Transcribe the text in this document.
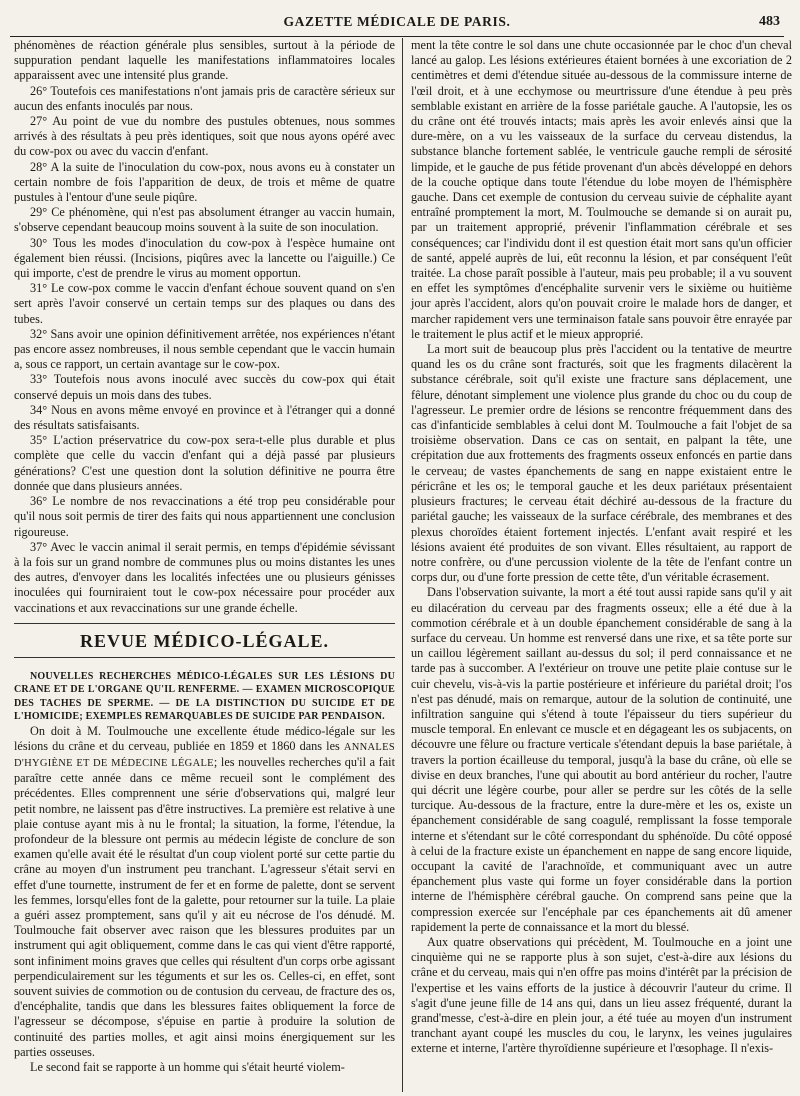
GAZETTE MÉDICALE DE PARIS.	483

phénomènes de réaction générale plus sensibles, surtout à la période de suppuration pendant laquelle les manifestations inflammatoires locales apparaissent avec une intensité plus grande.

26° Toutefois ces manifestations n'ont jamais pris de caractère sérieux sur aucun des enfants inoculés par nous.

27° Au point de vue du nombre des pustules obtenues, nous sommes arrivés à des résultats à peu près identiques, soit que nous ayons opéré avec du cow-pox ou avec du vaccin d'enfant.

28° A la suite de l'inoculation du cow-pox, nous avons eu à constater un certain nombre de fois l'apparition de deux, de trois et même de quatre pustules à l'entour d'une seule piqûre.

29° Ce phénomène, qui n'est pas absolument étranger au vaccin humain, s'observe cependant beaucoup moins souvent à la suite de son inoculation.

30° Tous les modes d'inoculation du cow-pox à l'espèce humaine ont également bien réussi. (Incisions, piqûres avec la lancette ou l'aiguille.) Ce qui importe, c'est de prendre le virus au moment opportun.

31° Le cow-pox comme le vaccin d'enfant échoue souvent quand on s'en sert après l'avoir conservé un certain temps sur des plaques ou dans des tubes.

32° Sans avoir une opinion définitivement arrêtée, nos expériences n'étant pas encore assez nombreuses, il nous semble cependant que le vaccin humain a, sous ce rapport, un certain avantage sur le cow-pox.

33° Toutefois nous avons inoculé avec succès du cow-pox qui était conservé depuis un mois dans des tubes.

34° Nous en avons même envoyé en province et à l'étranger qui a donné des résultats satisfaisants.

35° L'action préservatrice du cow-pox sera-t-elle plus durable et plus complète que celle du vaccin d'enfant qui a déjà passé par plusieurs générations? C'est une question dont la solution définitive ne pourra être donnée que dans plusieurs années.

36° Le nombre de nos revaccinations a été trop peu considérable pour qu'il nous soit permis de tirer des faits qui nous appartiennent une conclusion rigoureuse.

37° Avec le vaccin animal il serait permis, en temps d'épidémie sévissant à la fois sur un grand nombre de communes plus ou moins distantes les unes des autres, d'envoyer dans les localités infectées une ou plusieurs génisses inoculées qui fourniraient tout le cow-pox nécessaire pour procéder aux vaccinations et aux revaccinations sur une grande échelle.

REVUE MÉDICO-LÉGALE.

NOUVELLES RECHERCHES MÉDICO-LÉGALES SUR LES LÉSIONS DU CRANE ET DE L'ORGANE QU'IL RENFERME. — EXAMEN MICROSCOPIQUE DES TACHES DE SPERME. — DE LA DISTINCTION DU SUICIDE ET DE L'HOMICIDE; EXEMPLES REMARQUABLES DE SUICIDE PAR PENDAISON.

On doit à M. Toulmouche une excellente étude médico-légale sur les lésions du crâne et du cerveau, publiée en 1859 et 1860 dans les ANNALES D'HYGIÈNE ET DE MÉDECINE LÉGALE; les nouvelles recherches qu'il a fait paraître cette année dans ce même recueil sont le complément des précédentes. Elles comprennent une série d'observations qui, malgré leur petit nombre, ne laissent pas d'être instructives. La première est relative à une plaie contuse ayant mis à nu le frontal; la situation, la forme, l'étendue, la profondeur de la blessure ont permis au médecin légiste de conclure de son examen qu'elle avait été le résultat d'un coup violent porté sur cette partie du crâne au moyen d'un instrument peu tranchant. L'agresseur s'était servi en effet d'une tournette, instrument de fer et en forme de palette, dont se servent les femmes, lorsqu'elles font de la galette, pour retourner sur la tuile. La plaie a guéri assez promptement, sans qu'il y ait eu nécrose de l'os dénudé. M. Toulmouche fait observer avec raison que les blessures produites par un instrument qui agit obliquement, comme dans le cas qui vient d'être rapporté, sont infiniment moins graves que celles qui résultent d'un corps orbe agissant perpendiculairement sur les téguments et sur les os. Celles-ci, en effet, sont souvent suivies de commotion ou de contusion du cerveau, de fracture des os, d'encéphalite, tandis que dans les blessures faites obliquement la force de l'agresseur se décompose, s'épuise en partie à produire la solution de continuité des parties molles, et agit ainsi moins énergiquement sur les parties osseuses.

Le second fait se rapporte à un homme qui s'était heurté violem-

ment la tête contre le sol dans une chute occasionnée par le choc d'un cheval lancé au galop. Les lésions extérieures étaient bornées à une excoriation de 2 centimètres et demi d'étendue située au-dessous de la commissure interne de l'œil droit, et à une ecchymose ou meurtrissure d'une étendue à peu près semblable existant en arrière de la fosse pariétale gauche. A l'autopsie, les os du crâne ont été trouvés intacts; mais après les avoir enlevés ainsi que la dure-mère, on a vu les vaisseaux de la surface du cerveau distendus, la substance blanche fortement sablée, le ventricule gauche rempli de sérosité limpide, et le gauche de pus fétide provenant d'un abcès développé en dehors de la couche optique dans toute l'étendue du lobe moyen de l'hémisphère gauche. Dans cet exemple de contusion du cerveau suivie de céphalite ayant entraîné promptement la mort, M. Toulmouche se demande si on aurait pu, par un traitement approprié, prévenir l'inflammation cérébrale et ses conséquences; car l'individu dont il est question était mort sans qu'un officier de santé, appelé auprès de lui, eût reconnu la lésion, et par conséquent l'eût traitée. La chose paraît possible à l'auteur, mais peu probable; il a vu souvent en effet les symptômes d'encéphalite survenir vers le sixième ou huitième jour après l'accident, alors qu'on pouvait croire le malade hors de danger, et marcher rapidement vers une terminaison fatale sans pouvoir être enrayée par le traitement le plus actif et le mieux approprié.

La mort suit de beaucoup plus près l'accident ou la tentative de meurtre quand les os du crâne sont fracturés, soit que les fragments dilacèrent la substance cérébrale, soit qu'il existe une fracture sans déplacement, une fêlure, dénotant simplement une violence plus grande du choc ou du coup de l'agresseur. Le premier ordre de lésions se rencontre fréquemment dans des cas d'infanticide semblables à celui dont M. Toulmouche a fait l'objet de sa troisième observation. Dans ce cas on sentait, en palpant la tête, une crépitation due aux frottements des fragments osseux enfoncés en partie dans le cerveau; de vastes épanchements de sang en nappe existaient entre le péricrâne et les os; le temporal gauche et les deux pariétaux présentaient plusieurs fractures; le cerveau était déchiré au-dessous de la fracture du pariétal gauche; les vaisseaux de la surface cérébrale, des membranes et des plexus choroïdes étaient fortement injectés. L'enfant avait respiré et les lésions avaient été produites de son vivant. Elles résultaient, au rapport de notre confrère, ou d'une percussion violente de la tête de l'enfant contre un corps dur, ou d'une forte pression de cette tête, d'un véritable écrasement.

Dans l'observation suivante, la mort a été tout aussi rapide sans qu'il y ait eu dilacération du cerveau par des fragments osseux; elle a été due à la commotion cérébrale et à un double épanchement considérable de sang à la surface du cerveau. Un homme est renversé dans une rixe, et sa tête porte sur un caillou légèrement saillant au-dessus du sol; il perd connaissance et ne tarde pas à succomber. A l'extérieur on trouve une petite plaie contuse sur le cuir chevelu, vis-à-vis la partie postérieure et inférieure du pariétal droit; l'os n'est pas dénudé, mais on remarque, autour de la solution de continuité, une infiltration sanguine qui s'étend à toute l'épaisseur du tiers supérieur du muscle temporal. En enlevant ce muscle et en dégageant les os subjacents, on découvre une fêlure ou fracture verticale s'étendant depuis la base pariétale, à travers la portion écailleuse du temporal, jusqu'à la base du crâne, où elle se divise en deux branches, l'une qui aboutit au bord antérieur du rocher, l'autre qui décrit une légère courbe, pour aller se perdre sur les côtés de la selle turcique. Au-dessous de la fracture, entre la dure-mère et les os, existe un épanchement considérable de sang coagulé, remplissant la fosse temporale interne et s'étendant sur le côté correspondant du sphénoïde. Du côté opposé à celui de la fracture existe un épanchement en nappe de sang encore liquide, occupant la cavité de l'arachnoïde, et communiquant avec un autre épanchement plus vaste qui forme un foyer considérable dans la portion interne de l'hémisphère cérébral gauche. On comprend sans peine que la compression exercée sur l'encéphale par ces épanchements ait dû amener rapidement la perte de connaissance et la mort du blessé.

Aux quatre observations qui précèdent, M. Toulmouche en a joint une cinquième qui ne se rapporte plus à son sujet, c'est-à-dire aux lésions du crâne et du cerveau, mais qui n'en offre pas moins d'intérêt par la précision de l'expertise et les vains efforts de la justice à découvrir l'auteur du crime. Il s'agit d'une jeune fille de 14 ans qui, dans un lieu assez fréquenté, durant la grand'messe, c'est-à-dire en plein jour, a été tuée au moyen d'un instrument tranchant ayant coupé les muscles du cou, le larynx, les veines jugulaires externe et interne, l'artère thyroïdienne supérieure et l'œsophage. Il n'exis-
